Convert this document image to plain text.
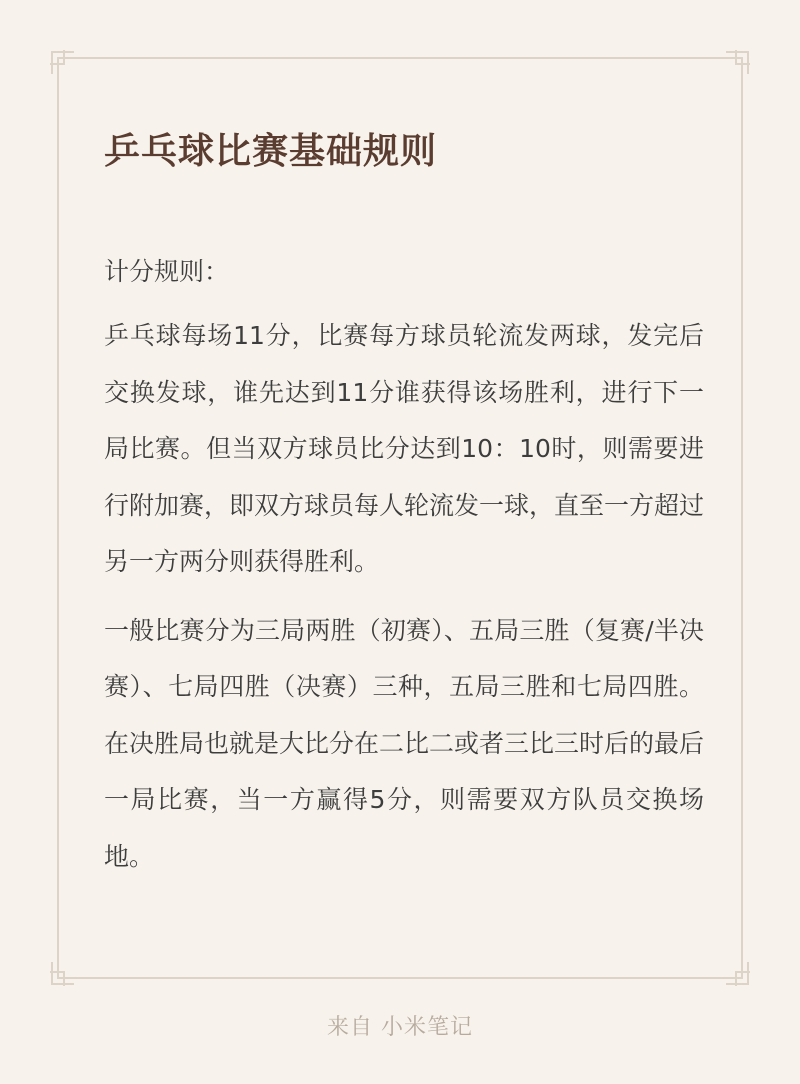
乒乓球比赛基础规则
计分规则：

乒乓球每场11分，比赛每方球员轮流发两球，发完后交换发球，谁先达到11分谁获得该场胜利，进行下一局比赛。但当双方球员比分达到10：10时，则需要进行附加赛，即双方球员每人轮流发一球，直至一方超过另一方两分则获得胜利。

一般比赛分为三局两胜（初赛）、五局三胜（复赛/半决赛）、七局四胜（决赛）三种，五局三胜和七局四胜。在决胜局也就是大比分在二比二或者三比三时后的最后一局比赛，当一方赢得5分，则需要双方队员交换场地。

来自 小米笔记
